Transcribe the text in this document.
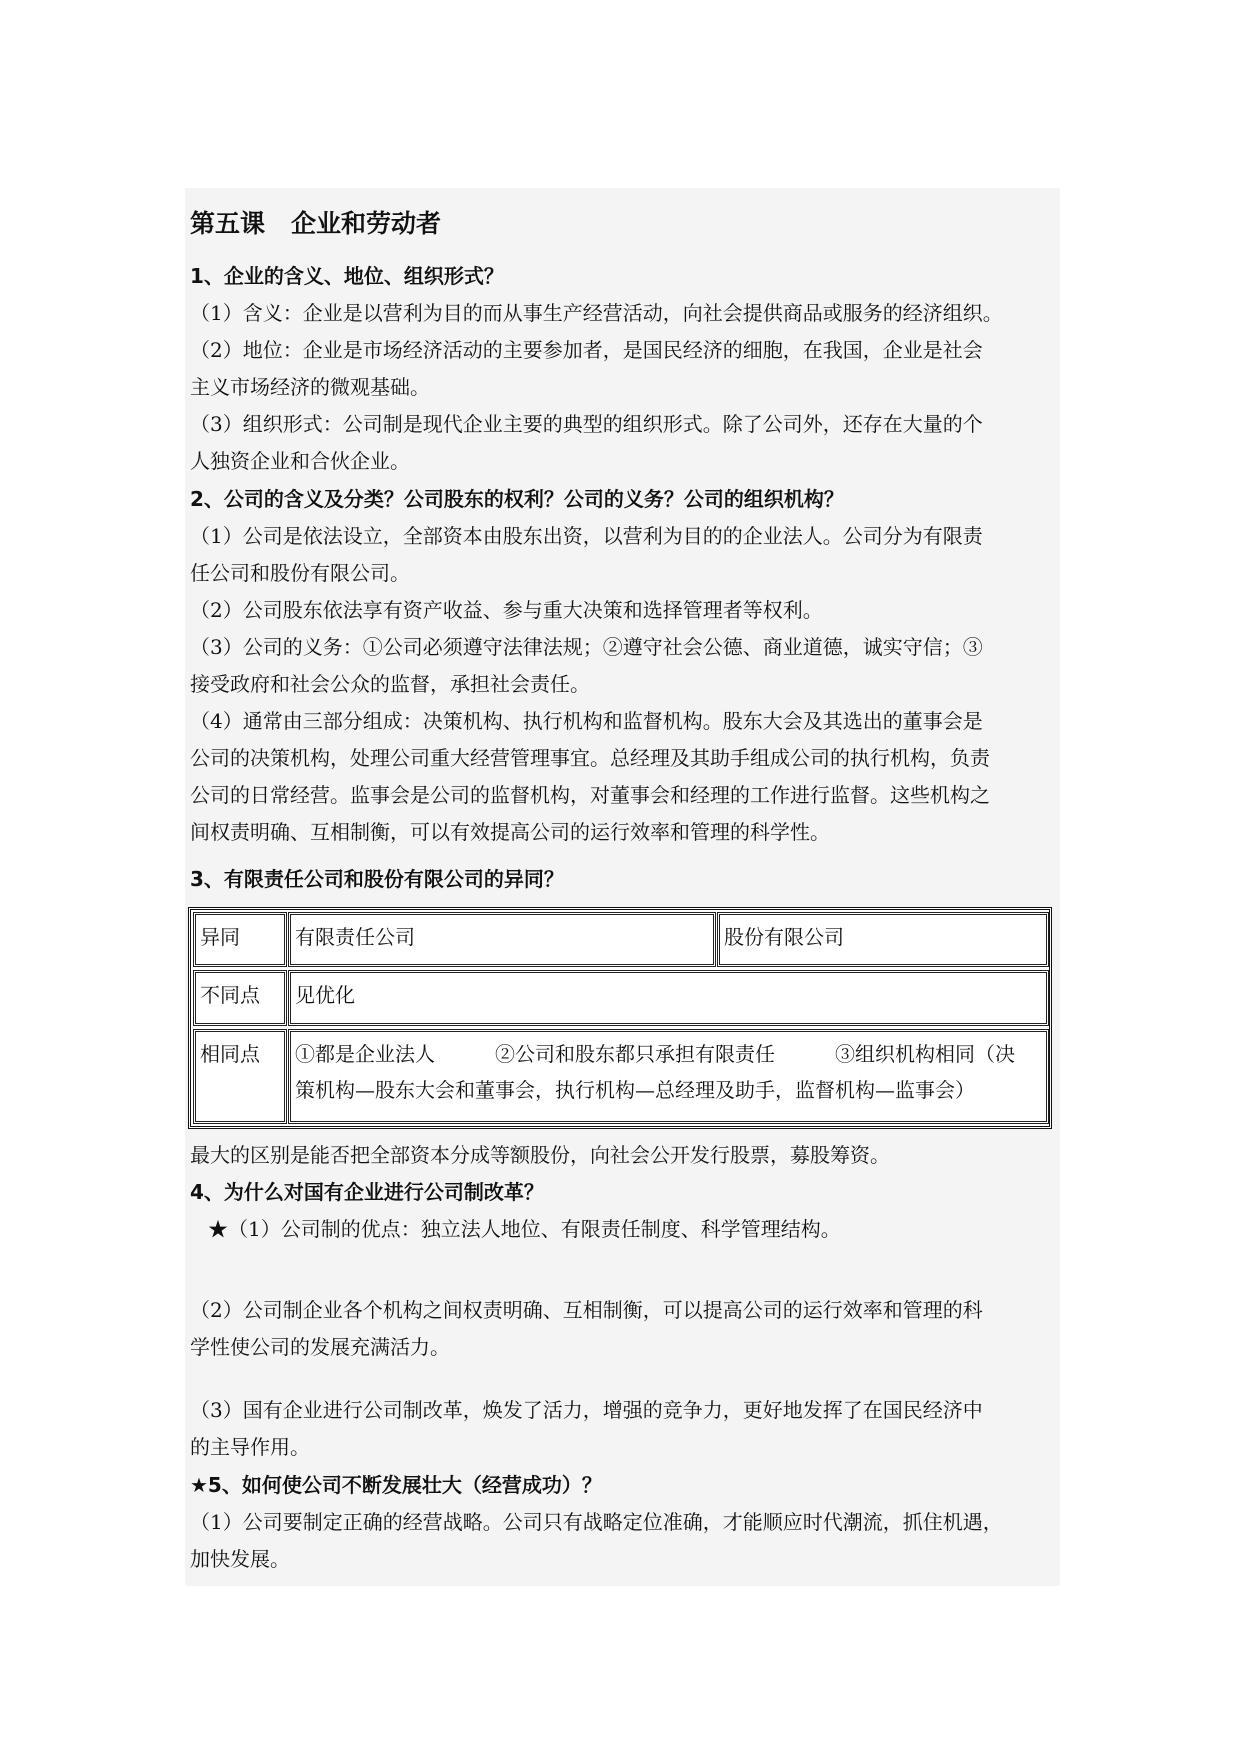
第五课 企业和劳动者
1、企业的含义、地位、组织形式？
（1）含义：企业是以营利为目的而从事生产经营活动，向社会提供商品或服务的经济组织。
（2）地位：企业是市场经济活动的主要参加者，是国民经济的细胞，在我国，企业是社会
主义市场经济的微观基础。
（3）组织形式：公司制是现代企业主要的典型的组织形式。除了公司外，还存在大量的个
人独资企业和合伙企业。
2、公司的含义及分类？公司股东的权利？公司的义务？公司的组织机构？
（1）公司是依法设立，全部资本由股东出资，以营利为目的的企业法人。公司分为有限责
任公司和股份有限公司。
（2）公司股东依法享有资产收益、参与重大决策和选择管理者等权利。
（3）公司的义务：①公司必须遵守法律法规；②遵守社会公德、商业道德，诚实守信；③
接受政府和社会公众的监督，承担社会责任。
（4）通常由三部分组成：决策机构、执行机构和监督机构。股东大会及其选出的董事会是
公司的决策机构，处理公司重大经营管理事宜。总经理及其助手组成公司的执行机构，负责
公司的日常经营。监事会是公司的监督机构，对董事会和经理的工作进行监督。这些机构之
间权责明确、互相制衡，可以有效提高公司的运行效率和管理的科学性。
3、有限责任公司和股份有限公司的异同？
异同	有限责任公司	股份有限公司
不同点	见优化
相同点	①都是企业法人　　　②公司和股东都只承担有限责任　　　③组织机构相同（决
策机构—股东大会和董事会，执行机构—总经理及助手，监督机构—监事会）
最大的区别是能否把全部资本分成等额股份，向社会公开发行股票，募股筹资。
4、为什么对国有企业进行公司制改革？
★（1）公司制的优点：独立法人地位、有限责任制度、科学管理结构。
（2）公司制企业各个机构之间权责明确、互相制衡，可以提高公司的运行效率和管理的科
学性使公司的发展充满活力。
（3）国有企业进行公司制改革，焕发了活力，增强的竞争力，更好地发挥了在国民经济中
的主导作用。
★5、如何使公司不断发展壮大（经营成功）？
（1）公司要制定正确的经营战略。公司只有战略定位准确，才能顺应时代潮流，抓住机遇，
加快发展。
